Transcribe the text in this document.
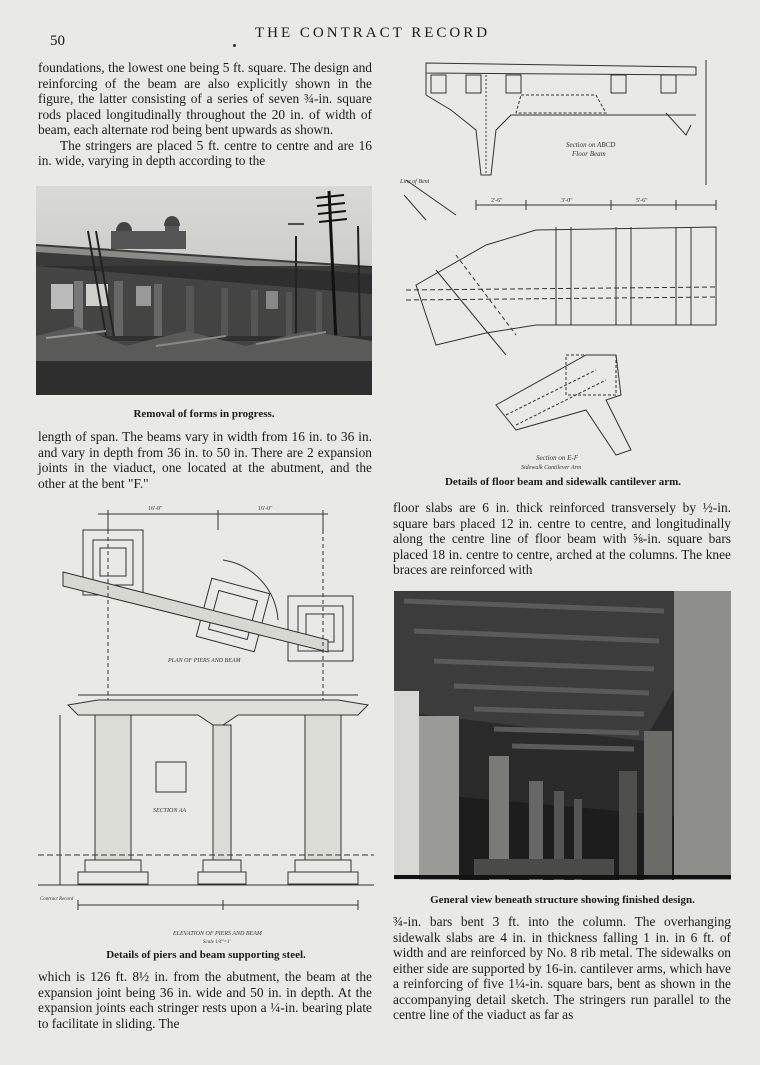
50	THE CONTRACT RECORD

foundations, the lowest one being 5 ft. square. The design and reinforcing of the beam are also explicitly shown in the figure, the latter consisting of a series of seven ¾-in. square rods placed longitudinally throughout the 20 in. of width of beam, each alternate rod being bent upwards as shown.

The stringers are placed 5 ft. centre to centre and are 16 in. wide, varying in depth according to the

Removal of forms in progress.

length of span. The beams vary in width from 16 in. to 36 in. and vary in depth from 36 in. to 50 in. There are 2 expansion joints in the viaduct, one located at the abutment, and the other at the bent "F."

Section on ABCD
Floor Beam
Line of Bent
2'-6"	3'-0"	5'-6"
Section on E-F
Sidewalk Cantilever Arm
Details of floor beam and sidewalk cantilever arm.
16'-0"	16'-0"
PLAN OF PIERS AND BEAM
SECTION AA
Contract Record
ELEVATION OF PIERS AND BEAM
Scale 1/4"=1'
Details of piers and beam supporting steel.

which is 126 ft. 8½ in. from the abutment, the beam at the expansion joint being 36 in. wide and 50 in. in depth. At the expansion joints each stringer rests upon a ¼-in. bearing plate to facilitate in sliding. The

floor slabs are 6 in. thick reinforced transversely by ½-in. square bars placed 12 in. centre to centre, and longitudinally along the centre line of floor beam with ⅝-in. square bars placed 18 in. centre to centre, arched at the columns. The knee braces are reinforced with

General view beneath structure showing finished design.

¾-in. bars bent 3 ft. into the column. The overhanging sidewalk slabs are 4 in. in thickness falling 1 in. in 6 ft. of width and are reinforced by No. 8 rib metal. The sidewalks on either side are supported by 16-in. cantilever arms, which have a reinforcing of five 1¼-in. square bars, bent as shown in the accompanying detail sketch. The stringers run parallel to the centre line of the viaduct as far as
